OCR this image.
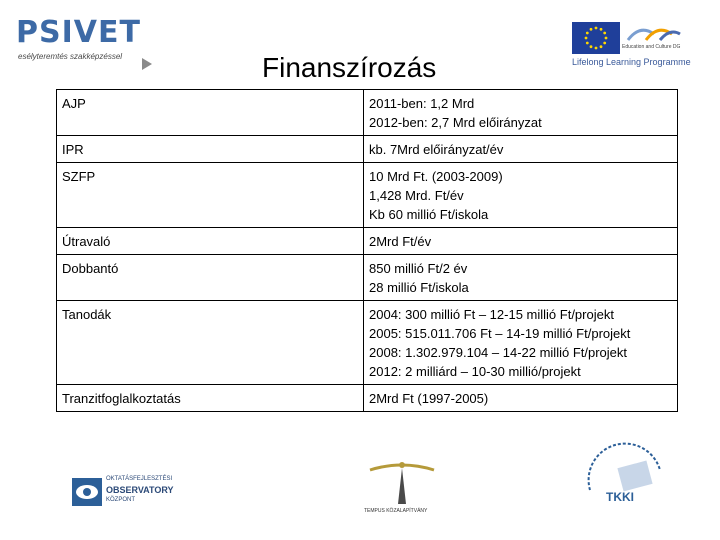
PSIVET
esélyteremtés szakképzéssel
Education and Culture DG
Lifelong Learning Programme
Finanszírozás
AJP	2011-ben: 1,2 Mrd
2012-ben: 2,7 Mrd előirányzat

IPR	kb. 7Mrd előirányzat/év

SZFP	10 Mrd Ft. (2003-2009)
1,428 Mrd. Ft/év
Kb 60 millió Ft/iskola

Útravaló	2Mrd Ft/év

Dobbantó	850 millió Ft/2 év
28 millió Ft/iskola

Tanodák	2004: 300 millió Ft – 12-15 millió Ft/projekt
2005: 515.011.706 Ft – 14-19 millió Ft/projekt
2008: 1.302.979.104 – 14-22 millió Ft/projekt
2012: 2 milliárd – 10-30 millió/projekt

Tranzitfoglalkoztatás	2Mrd Ft (1997-2005)
OKTATÁSFEJLESZTÉSI
OBSERVATORY
KÖZPONT
TEMPUS KÖZALAPÍTVÁNY
TKKI
